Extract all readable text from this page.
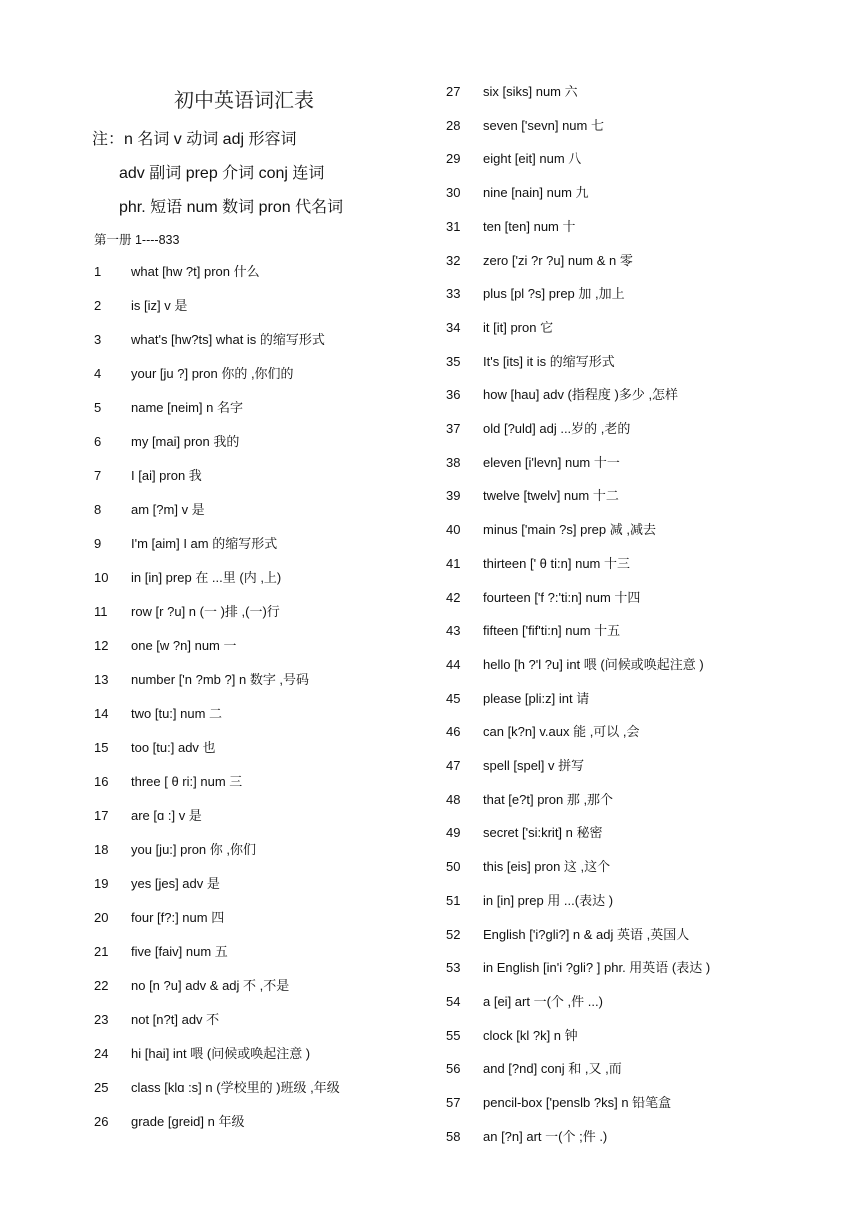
初中英语词汇表
注：n 名词 v 动词 adj 形容词
adv 副词 prep 介词 conj 连词
phr. 短语 num 数词 pron 代名词
第一册 1----833
1 what [hw ?t] pron 什么
2 is [iz] v 是
3 what's [hw?ts] what is 的缩写形式
4 your [ju ?] pron 你的 ,你们的
5 name [neim] n 名字
6 my [mai] pron 我的
7 I [ai] pron 我
8 am [?m] v 是
9 I'm [aim] I am 的缩写形式
10 in [in] prep 在 ...里 (内 ,上)
11 row [r ?u] n (一 )排 ,(一)行
12 one [w ?n] num 一
13 number ['n ?mb ?] n 数字 ,号码
14 two [tu:] num 二
15 too [tu:] adv 也
16 three [ θ ri:] num 三
17 are [ɑ :] v 是
18 you [ju:] pron 你 ,你们
19 yes [jes] adv 是
20 four [f?:] num 四
21 five [faiv] num 五
22 no [n ?u] adv & adj 不 ,不是
23 not [n?t] adv 不
24 hi [hai] int 喂 (问候或唤起注意 )
25 class [klɑ :s] n (学校里的 )班级 ,年级
26 grade [greid] n 年级
27 six [siks] num 六
28 seven ['sevn] num 七
29 eight [eit] num 八
30 nine [nain] num 九
31 ten [ten] num 十
32 zero ['zi ?r ?u] num & n 零
33 plus [pl ?s] prep 加 ,加上
34 it [it] pron 它
35 It's [its] it is 的缩写形式
36 how [hau] adv (指程度 )多少 ,怎样
37 old [?uld] adj ...岁的 ,老的
38 eleven [i'levn] num 十一
39 twelve [twelv] num 十二
40 minus ['main ?s] prep 减 ,减去
41 thirteen [' θ ti:n] num 十三
42 fourteen ['f ?:'ti:n] num 十四
43 fifteen ['fif'ti:n] num 十五
44 hello [h ?'l ?u] int 喂 (问候或唤起注意 )
45 please [pli:z] int 请
46 can [k?n] v.aux 能 ,可以 ,会
47 spell [spel] v 拼写
48 that [e?t] pron 那 ,那个
49 secret ['si:krit] n 秘密
50 this [eis] pron 这 ,这个
51 in [in] prep 用 ...(表达 )
52 English ['i?gli?] n & adj 英语 ,英国人
53 in English [in'i ?gli? ] phr. 用英语 (表达 )
54 a [ei] art 一(个 ,件 ...)
55 clock [kl ?k] n 钟
56 and [?nd] conj 和 ,又 ,而
57 pencil-box ['penslb ?ks] n 铅笔盒
58 an [?n] art 一(个 ;件 .)
